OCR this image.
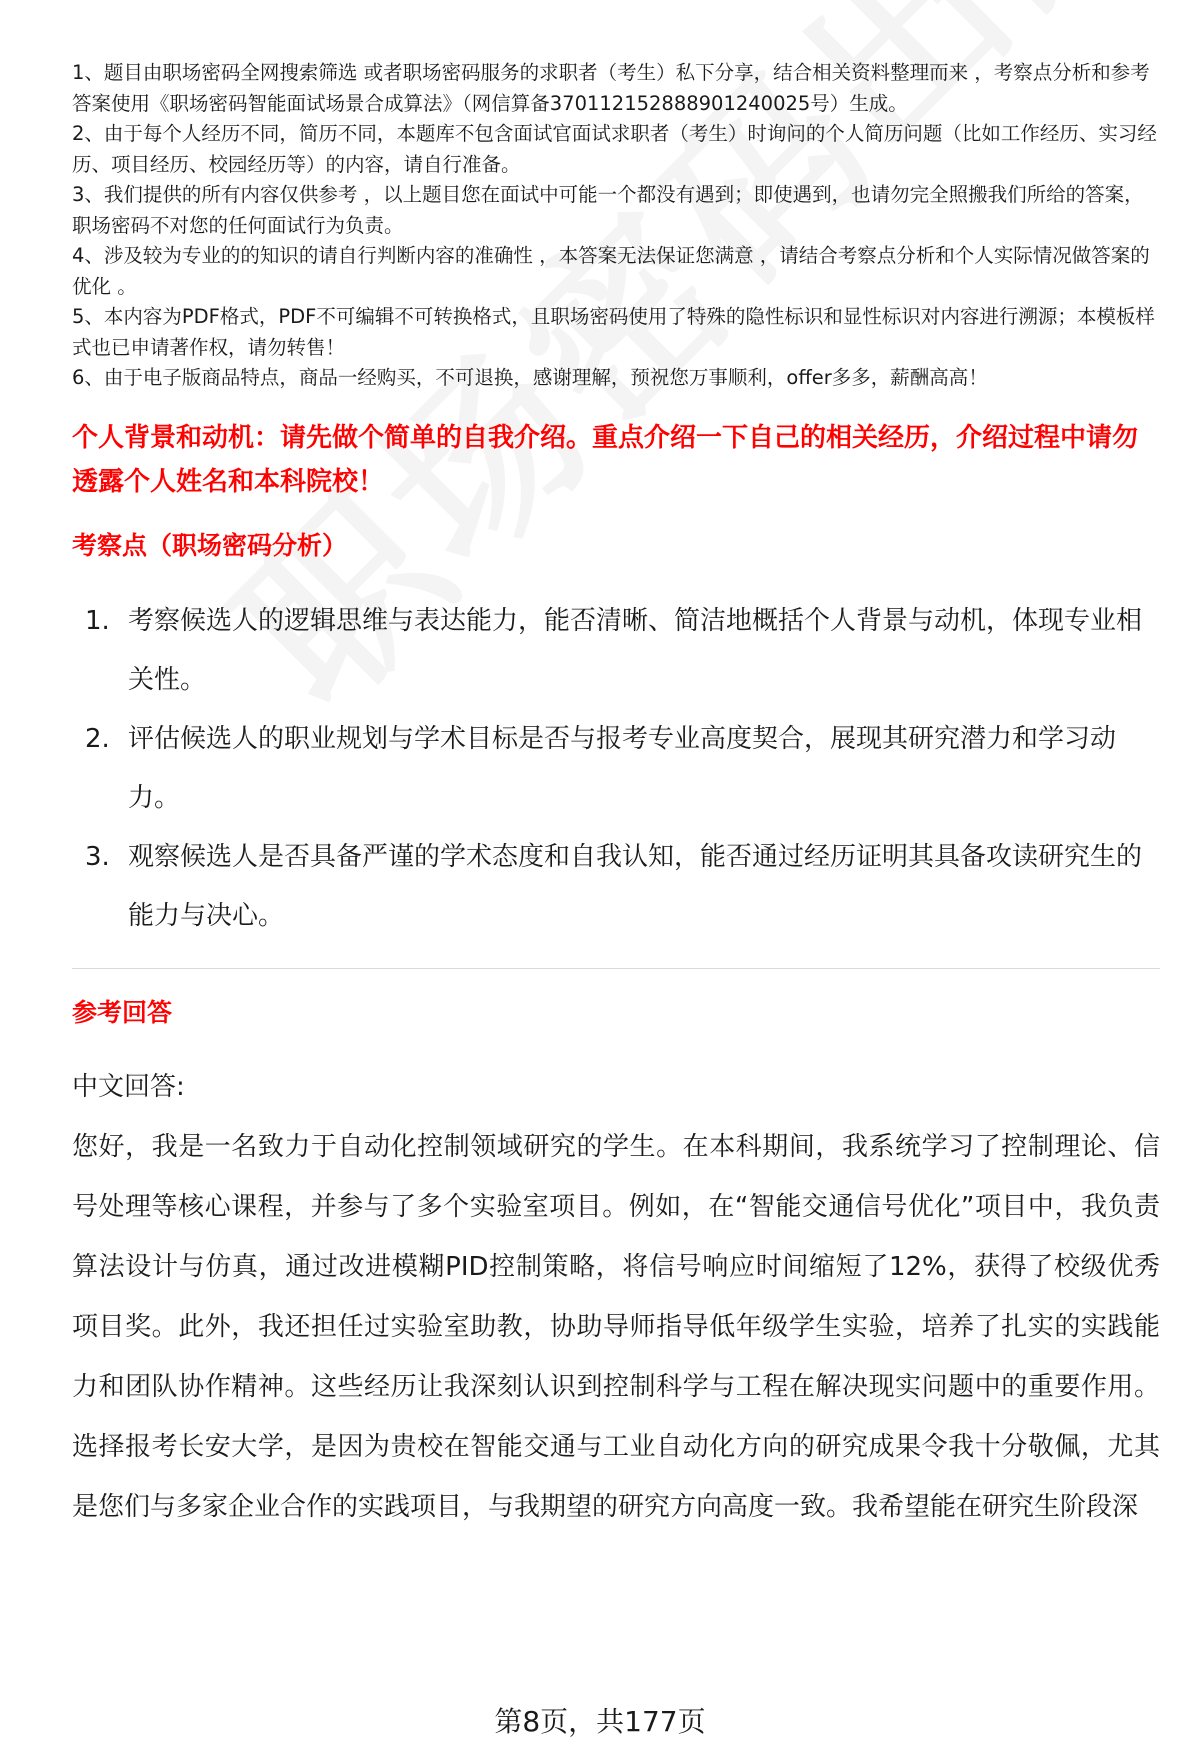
1、题目由职场密码全网搜索筛选 或者职场密码服务的求职者（考生）私下分享，结合相关资料整理而来 ，考察点分析和参考答案使用《职场密码智能面试场景合成算法》（网信算备370112152888901240025号）生成。

2、由于每个人经历不同，简历不同，本题库不包含面试官面试求职者（考生）时询问的个人简历问题（比如工作经历、实习经历、项目经历、校园经历等）的内容，请自行准备。

3、我们提供的所有内容仅供参考 ，以上题目您在面试中可能一个都没有遇到；即使遇到，也请勿完全照搬我们所给的答案，职场密码不对您的任何面试行为负责。

4、涉及较为专业的的知识的请自行判断内容的准确性 ，本答案无法保证您满意 ，请结合考察点分析和个人实际情况做答案的优化 。

5、本内容为PDF格式，PDF不可编辑不可转换格式，且职场密码使用了特殊的隐性标识和显性标识对内容进行溯源；本模板样式也已申请著作权，请勿转售！

6、由于电子版商品特点，商品一经购买，不可退换，感谢理解，预祝您万事顺利，offer多多，薪酬高高！

个人背景和动机：请先做个简单的自我介绍。重点介绍一下自己的相关经历，介绍过程中请勿透露个人姓名和本科院校！
考察点（职场密码分析）
1. 考察候选人的逻辑思维与表达能力，能否清晰、简洁地概括个人背景与动机，体现专业相关性。
2. 评估候选人的职业规划与学术目标是否与报考专业高度契合，展现其研究潜力和学习动力。
3. 观察候选人是否具备严谨的学术态度和自我认知，能否通过经历证明其具备攻读研究生的能力与决心。
参考回答
中文回答:
您好，我是一名致力于自动化控制领域研究的学生。在本科期间，我系统学习了控制理论、信号处理等核心课程，并参与了多个实验室项目。例如，在“智能交通信号优化”项目中，我负责算法设计与仿真，通过改进模糊PID控制策略，将信号响应时间缩短了12%，获得了校级优秀项目奖。此外，我还担任过实验室助教，协助导师指导低年级学生实验，培养了扎实的实践能力和团队协作精神。这些经历让我深刻认识到控制科学与工程在解决现实问题中的重要作用。选择报考长安大学，是因为贵校在智能交通与工业自动化方向的研究成果令我十分敬佩，尤其是您们与多家企业合作的实践项目，与我期望的研究方向高度一致。我希望能在研究生阶段深
第8页，共177页
